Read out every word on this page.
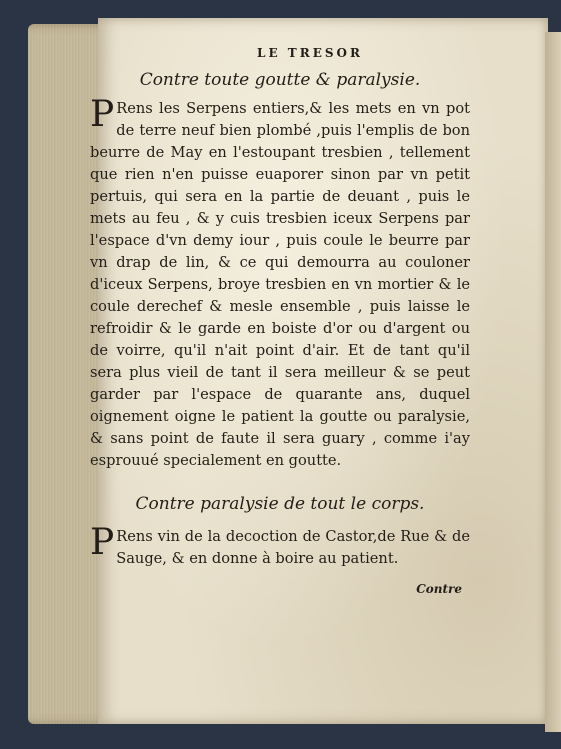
LE TRESOR
Contre toute goutte & paralysie.

P Rens les Serpens entiers,& les mets en vn pot de terre neuf bien plombé ,puis l'emplis de bon beurre de May en l'estoupant tresbien , tellement que rien n'en puisse euaporer sinon par vn petit pertuis, qui sera en la partie de deuant , puis le mets au feu , & y cuis tresbien iceux Serpens par l'espace d'vn demy iour , puis coule le beurre par vn drap de lin, & ce qui demourra au couloner d'iceux Serpens, broye tresbien en vn mortier & le coule derechef & mesle ensemble , puis laisse le refroidir & le garde en boiste d'or ou d'argent ou de voirre, qu'il n'ait point d'air. Et de tant qu'il sera plus vieil de tant il sera meilleur & se peut garder par l'espace de quarante ans, duquel oignement oigne le patient la goutte ou paralysie, & sans point de faute il sera guary , comme i'ay esprouué specialement en goutte.

Contre paralysie de tout le corps.

P Rens vin de la decoction de Castor,de Rue & de Sauge, & en donne à boire au patient.

Contre
